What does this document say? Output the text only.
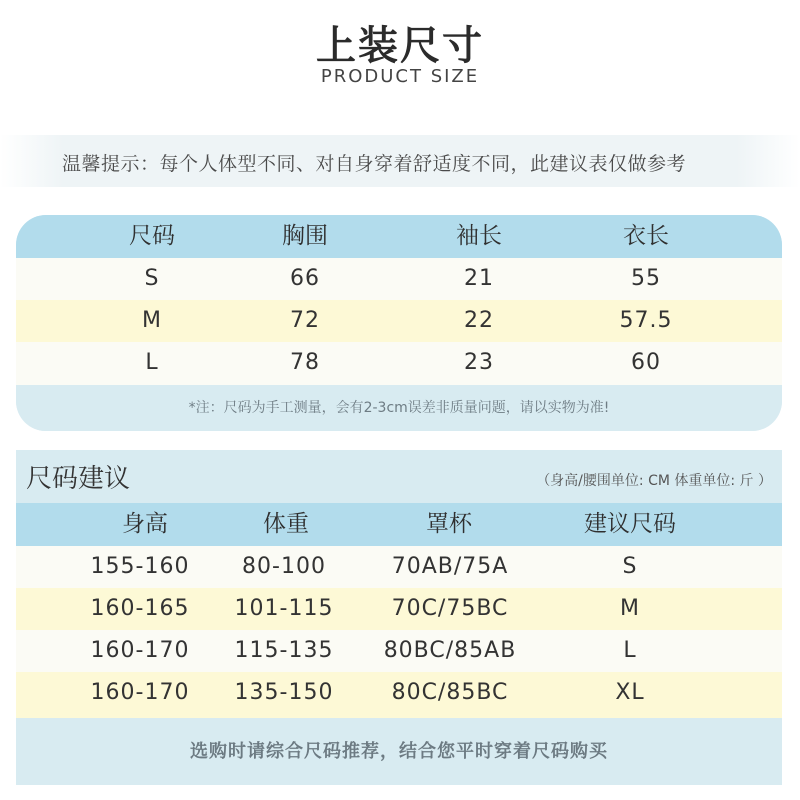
上装尺寸
PRODUCT SIZE
温馨提示：每个人体型不同、对自身穿着舒适度不同，此建议表仅做参考
尺码	胸围	袖长	衣长
S	66	21	55
M	72	22	57.5
L	78	23	60
*注：尺码为手工测量，会有2-3cm误差非质量问题，请以实物为准!
尺码建议	（身高/腰围单位: CM 体重单位: 斤 ）
身高	体重	罩杯	建议尺码
155-160	80-100	70AB/75A	S
160-165	101-115	70C/75BC	M
160-170	115-135	80BC/85AB	L
160-170	135-150	80C/85BC	XL
选购时请综合尺码推荐，结合您平时穿着尺码购买
